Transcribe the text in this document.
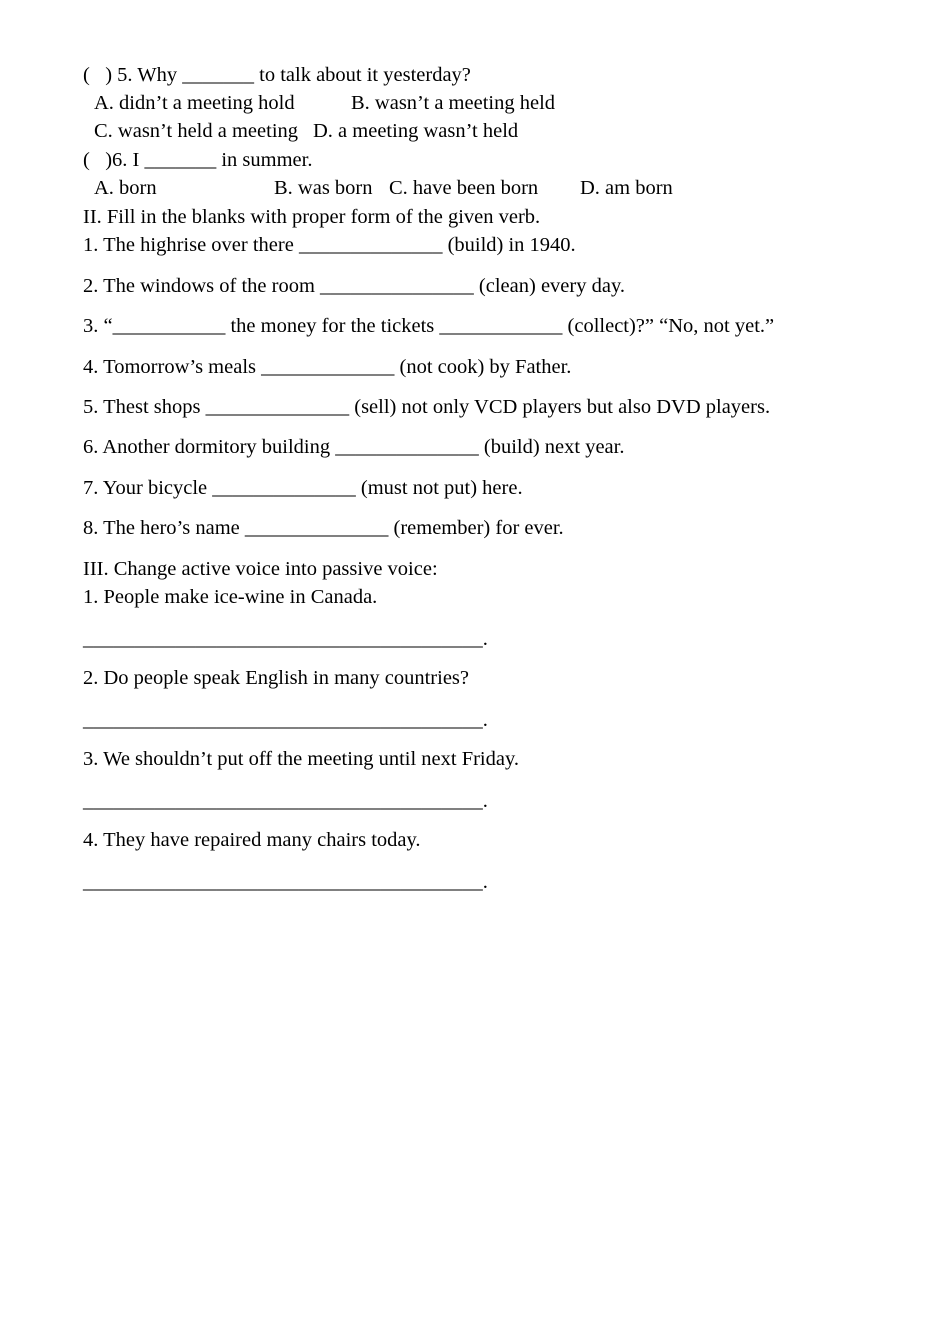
(   ) 5. Why _______ to talk about it yesterday?
A. didn’t a meeting hold	B. wasn’t a meeting held
C. wasn’t held a meeting D. a meeting wasn’t held
(   )6. I _______ in summer.
A. born	B. was born C. have been born D. am born
II. Fill in the blanks with proper form of the given verb.
1. The highrise over there ______________ (build) in 1940.
2. The windows of the room _______________ (clean) every day.
3. “___________ the money for the tickets ____________ (collect)?” “No, not yet.”
4. Tomorrow’s meals _____________ (not cook) by Father.
5. Thest shops ______________ (sell) not only VCD players but also DVD players.
6. Another dormitory building ______________ (build) next year.
7. Your bicycle ______________ (must not put) here.
8. The hero’s name ______________ (remember) for ever.
III. Change active voice into passive voice:
1. People make ice-wine in Canada.
_______________________________________.
2. Do people speak English in many countries?
_______________________________________.
3. We shouldn’t put off the meeting until next Friday.
_______________________________________.
4. They have repaired many chairs today.
_______________________________________.
